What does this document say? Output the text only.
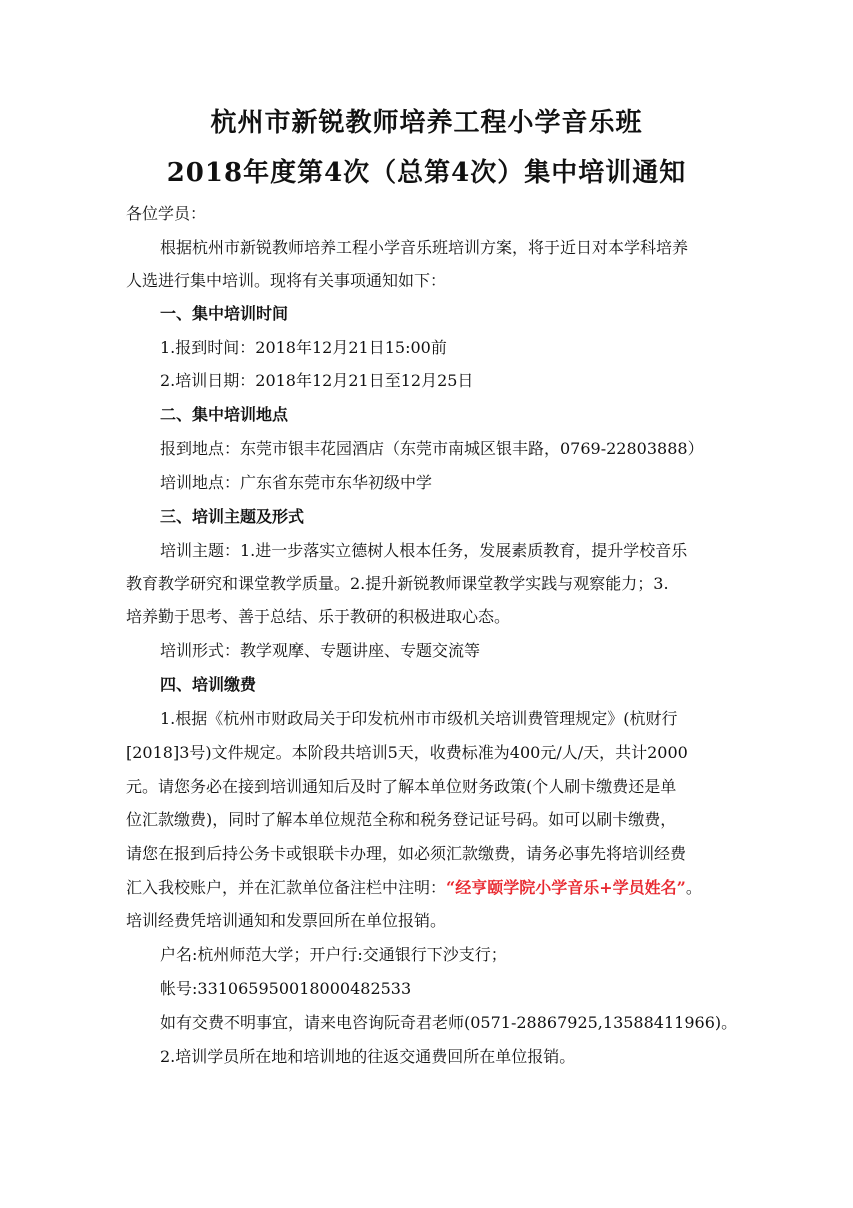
杭州市新锐教师培养工程小学音乐班
2018年度第4次（总第4次）集中培训通知
各位学员：
根据杭州市新锐教师培养工程小学音乐班培训方案，将于近日对本学科培养
人选进行集中培训。现将有关事项通知如下：
一、集中培训时间
1.报到时间：2018年12月21日15:00前
2.培训日期：2018年12月21日至12月25日
二、集中培训地点
报到地点：东莞市银丰花园酒店（东莞市南城区银丰路，0769-22803888）
培训地点：广东省东莞市东华初级中学
三、培训主题及形式
培训主题：1.进一步落实立德树人根本任务，发展素质教育，提升学校音乐
教育教学研究和课堂教学质量。2.提升新锐教师课堂教学实践与观察能力；3.
培养勤于思考、善于总结、乐于教研的积极进取心态。
培训形式：教学观摩、专题讲座、专题交流等
四、培训缴费
1.根据《杭州市财政局关于印发杭州市市级机关培训费管理规定》(杭财行
[2018]3号)文件规定。本阶段共培训5天，收费标准为400元/人/天，共计2000
元。请您务必在接到培训通知后及时了解本单位财务政策(个人刷卡缴费还是单
位汇款缴费)，同时了解本单位规范全称和税务登记证号码。如可以刷卡缴费，
请您在报到后持公务卡或银联卡办理，如必须汇款缴费，请务必事先将培训经费
汇入我校账户，并在汇款单位备注栏中注明：“经亨颐学院小学音乐+学员姓名”。
培训经费凭培训通知和发票回所在单位报销。
户名:杭州师范大学；开户行:交通银行下沙支行；
帐号:331065950018000482533
如有交费不明事宜，请来电咨询阮奇君老师(0571-28867925,13588411966)。
2.培训学员所在地和培训地的往返交通费回所在单位报销。
